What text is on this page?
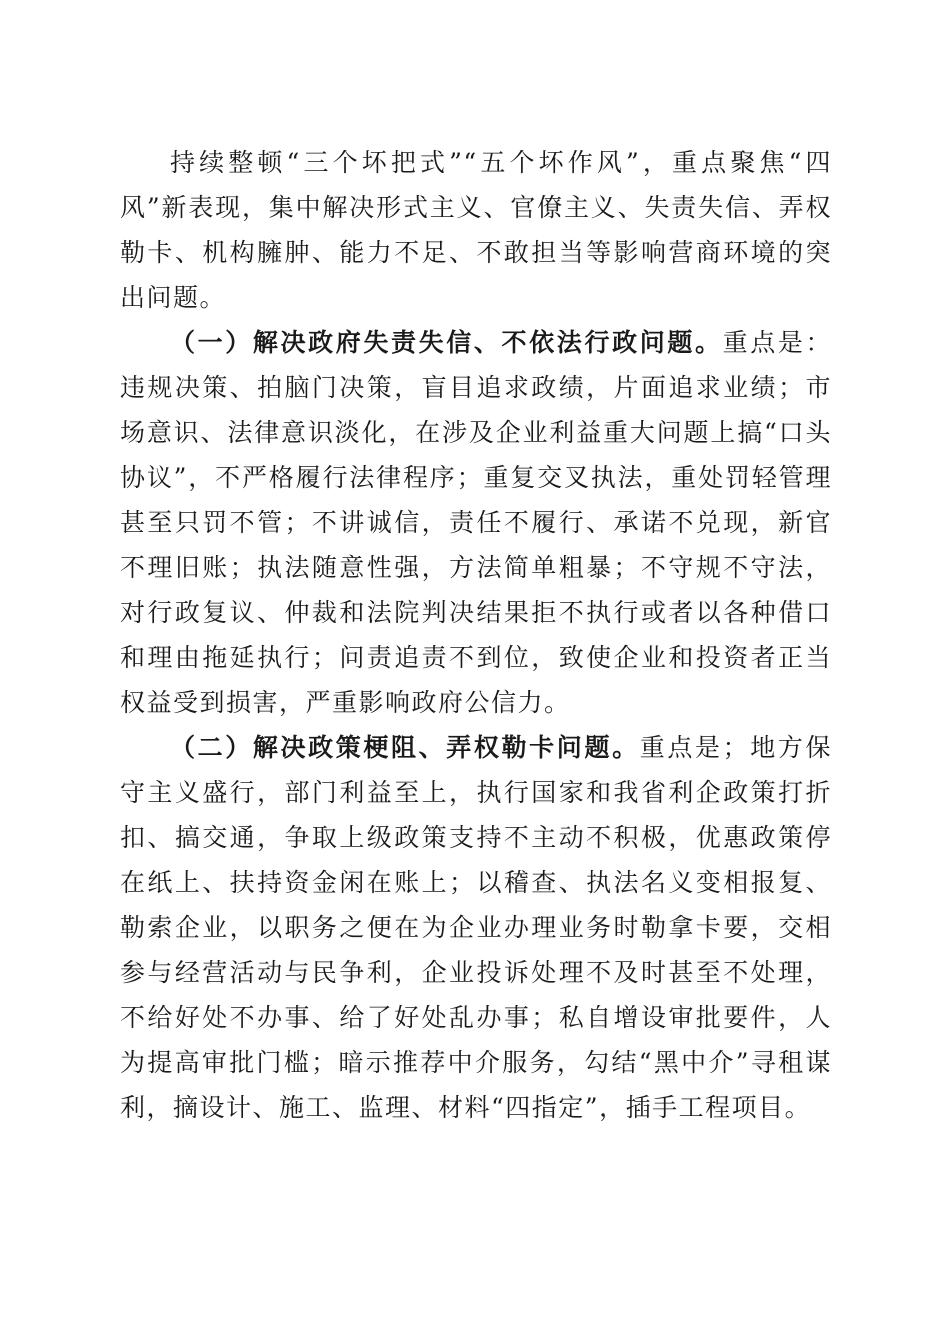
持续整顿“三个坏把式”“五个坏作风”，重点聚焦“四风”新表现，集中解决形式主义、官僚主义、失责失信、弄权勒卡、机构臃肿、能力不足、不敢担当等影响营商环境的突出问题。

（一）解决政府失责失信、不依法行政问题。重点是：违规决策、拍脑门决策，盲目追求政绩，片面追求业绩；市场意识、法律意识淡化，在涉及企业利益重大问题上搞“口头协议”，不严格履行法律程序；重复交叉执法，重处罚轻管理甚至只罚不管；不讲诚信，责任不履行、承诺不兑现，新官不理旧账；执法随意性强，方法简单粗暴；不守规不守法，对行政复议、仲裁和法院判决结果拒不执行或者以各种借口和理由拖延执行；问责追责不到位，致使企业和投资者正当权益受到损害，严重影响政府公信力。

（二）解决政策梗阻、弄权勒卡问题。重点是；地方保守主义盛行，部门利益至上，执行国家和我省利企政策打折扣、搞交通，争取上级政策支持不主动不积极，优惠政策停在纸上、扶持资金闲在账上；以稽查、执法名义变相报复、勒索企业，以职务之便在为企业办理业务时勒拿卡要，交相参与经营活动与民争利，企业投诉处理不及时甚至不处理，不给好处不办事、给了好处乱办事；私自增设审批要件，人为提高审批门槛；暗示推荐中介服务，勾结“黑中介”寻租谋利，摘设计、施工、监理、材料“四指定”，插手工程项目。
